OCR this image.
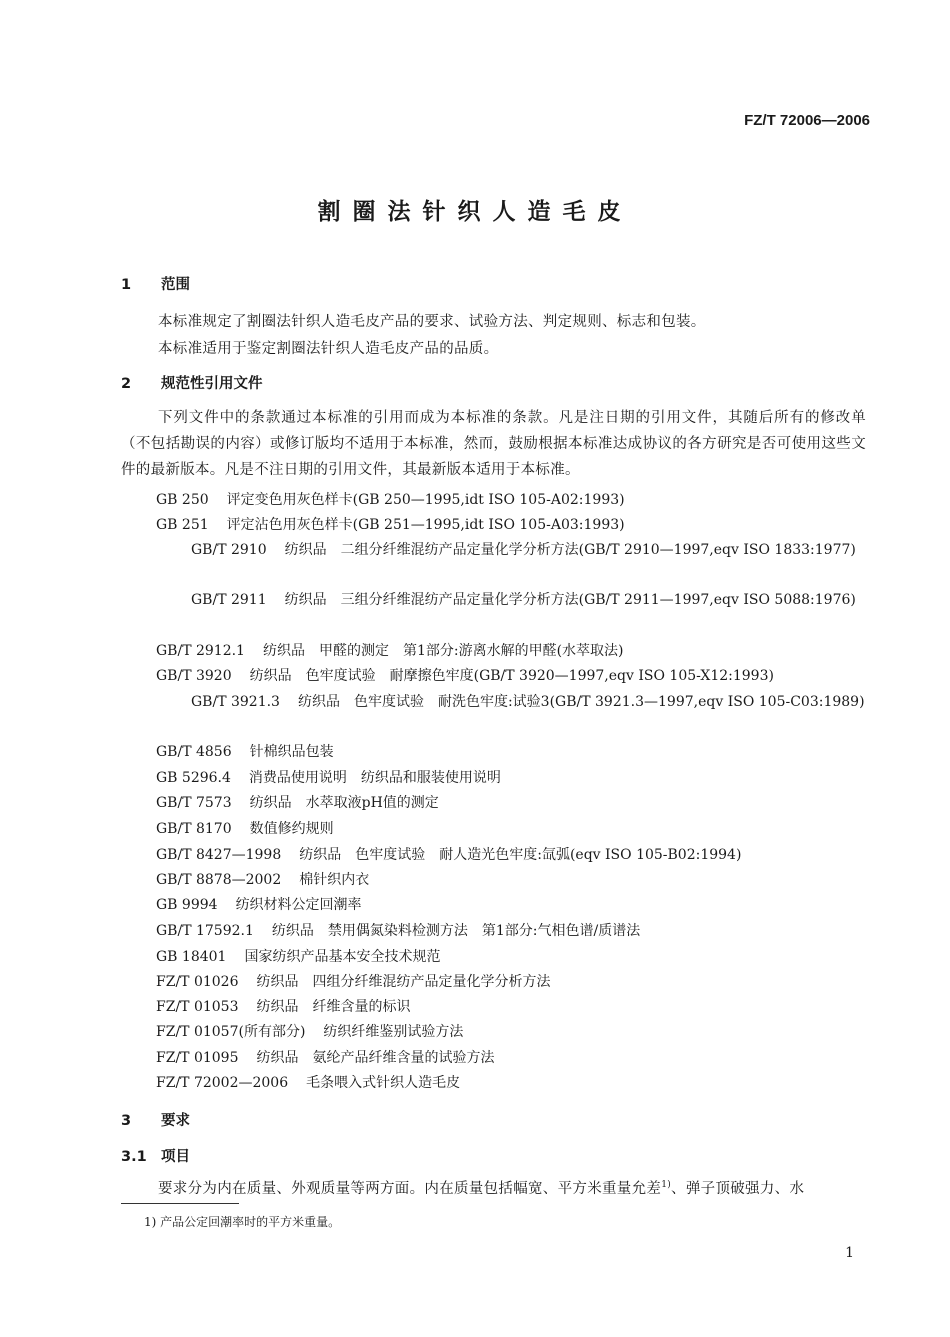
FZ/T 72006—2006
割圈法针织人造毛皮
1 范围
本标准规定了割圈法针织人造毛皮产品的要求、试验方法、判定规则、标志和包装。
本标准适用于鉴定割圈法针织人造毛皮产品的品质。
2 规范性引用文件
下列文件中的条款通过本标准的引用而成为本标准的条款。凡是注日期的引用文件，其随后所有的修改单（不包括勘误的内容）或修订版均不适用于本标准，然而，鼓励根据本标准达成协议的各方研究是否可使用这些文件的最新版本。凡是不注日期的引用文件，其最新版本适用于本标准。
GB 250 评定变色用灰色样卡(GB 250—1995,idt ISO 105-A02:1993)
GB 251 评定沾色用灰色样卡(GB 251—1995,idt ISO 105-A03:1993)
GB/T 2910 纺织品　二组分纤维混纺产品定量化学分析方法(GB/T 2910—1997,eqv ISO 1833:1977)
GB/T 2911 纺织品　三组分纤维混纺产品定量化学分析方法(GB/T 2911—1997,eqv ISO 5088:1976)
GB/T 2912.1 纺织品　甲醛的测定　第1部分:游离水解的甲醛(水萃取法)
GB/T 3920 纺织品　色牢度试验　耐摩擦色牢度(GB/T 3920—1997,eqv ISO 105-X12:1993)
GB/T 3921.3 纺织品　色牢度试验　耐洗色牢度:试验3(GB/T 3921.3—1997,eqv ISO 105-C03:1989)
GB/T 4856 针棉织品包装
GB 5296.4 消费品使用说明　纺织品和服装使用说明
GB/T 7573 纺织品　水萃取液pH值的测定
GB/T 8170 数值修约规则
GB/T 8427—1998 纺织品　色牢度试验　耐人造光色牢度:氙弧(eqv ISO 105-B02:1994)
GB/T 8878—2002 棉针织内衣
GB 9994 纺织材料公定回潮率
GB/T 17592.1 纺织品　禁用偶氮染料检测方法　第1部分:气相色谱/质谱法
GB 18401 国家纺织产品基本安全技术规范
FZ/T 01026 纺织品　四组分纤维混纺产品定量化学分析方法
FZ/T 01053 纺织品　纤维含量的标识
FZ/T 01057(所有部分) 纺织纤维鉴别试验方法
FZ/T 01095 纺织品　氨纶产品纤维含量的试验方法
FZ/T 72002—2006 毛条喂入式针织人造毛皮
3 要求
3.1 项目
要求分为内在质量、外观质量等两方面。内在质量包括幅宽、平方米重量允差$^{1)}$、弹子顶破强力、水
1) 产品公定回潮率时的平方米重量。
1
